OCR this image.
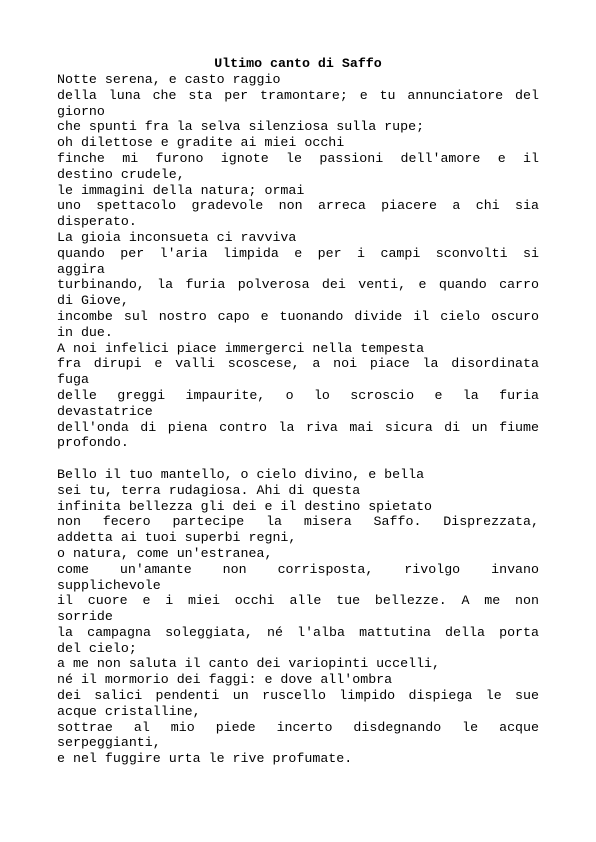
Ultimo canto di Saffo
Notte serena, e casto raggio
della luna che sta per tramontare; e tu annunciatore del
giorno
che spunti fra la selva silenziosa sulla rupe;
oh dilettose e gradite ai miei occhi
finche mi furono ignote le passioni dell'amore e il
destino crudele,
le immagini della natura; ormai
uno spettacolo gradevole non arreca piacere a chi sia
disperato.
La gioia inconsueta ci ravviva
quando per l'aria limpida e per i campi sconvolti si
aggira
turbinando, la furia polverosa dei venti, e quando carro
di Giove,
incombe sul nostro capo e tuonando divide il cielo oscuro
in due.
A noi infelici piace immergerci nella tempesta
fra dirupi e valli scoscese, a noi piace la disordinata
fuga
delle greggi impaurite, o lo scroscio e la furia
devastatrice
dell'onda di piena contro la riva mai sicura di un fiume
profondo.
Bello il tuo mantello, o cielo divino, e bella
sei tu, terra rudagiosa. Ahi di questa
infinita bellezza gli dei e il destino spietato
non fecero partecipe la misera Saffo. Disprezzata,
addetta ai tuoi superbi regni,
o natura, come un'estranea,
come un'amante non corrisposta, rivolgo invano
supplichevole
il cuore e i miei occhi alle tue bellezze. A me non
sorride
la campagna soleggiata, né l'alba mattutina della porta
del cielo;
a me non saluta il canto dei variopinti uccelli,
né il mormorio dei faggi: e dove all'ombra
dei salici pendenti un ruscello limpido dispiega le sue
acque cristalline,
sottrae al mio piede incerto disdegnando le acque
serpeggianti,
e nel fuggire urta le rive profumate.
